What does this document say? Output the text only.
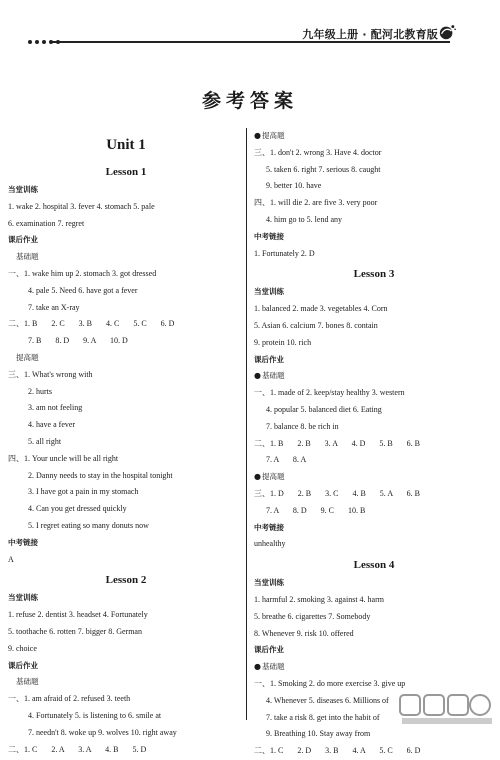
九年级上册 · 配河北教育版
参考答案
Unit 1
Lesson 1
当堂训练
1. wake 2. hospital 3. fever 4. stomach 5. pale
6. examination 7. regret
课后作业
基础题
一、1. wake him up 2. stomach 3. got dressed
4. pale 5. Need 6. have got a fever
7. take an X-ray
二、1. B       2. C       3. B       4. C       5. C       6. D
7. B       8. D       9. A       10. D
提高题
三、1. What's wrong with
2. hurts
3. am not feeling
4. have a fever
5. all right
四、1. Your uncle will be all right
2. Danny needs to stay in the hospital tonight
3. I have got a pain in my stomach
4. Can you get dressed quickly
5. I regret eating so many donuts now
中考链接
A
Lesson 2
当堂训练
1. refuse 2. dentist 3. headset 4. Fortunately
5. toothache 6. rotten 7. bigger 8. German
9. choice
课后作业
基础题
一、1. am afraid of 2. refused 3. teeth
4. Fortunately 5. is listening to 6. smile at
7. needn't 8. woke up 9. wolves 10. right away
二、1. C       2. A       3. A       4. B       5. D
●提高题
三、1. don't 2. wrong 3. Have 4. doctor
5. taken 6. right 7. serious 8. caught
9. better 10. have
四、1. will die 2. are five 3. very poor
4. him go to 5. lend any
中考链接
1. Fortunately 2. D
Lesson 3
当堂训练
1. balanced 2. made 3. vegetables 4. Corn
5. Asian 6. calcium 7. bones 8. contain
9. protein 10. rich
课后作业
●基础题
一、1. made of 2. keep/stay healthy 3. western
4. popular 5. balanced diet 6. Eating
7. balance 8. be rich in
二、1. B       2. B       3. A       4. D       5. B       6. B
7. A       8. A
●提高题
三、1. D       2. B       3. C       4. B       5. A       6. B
7. A       8. D       9. C       10. B
中考链接
unhealthy
Lesson 4
当堂训练
1. harmful 2. smoking 3. against 4. harm
5. breathe 6. cigarettes 7. Somebody
8. Whenever 9. risk 10. offered
课后作业
●基础题
一、1. Smoking 2. do more exercise 3. give up
4. Whenever 5. diseases 6. Millions of
7. take a risk 8. get into the habit of
9. Breathing 10. Stay away from
二、1. C       2. D       3. B       4. A       5. C       6. D
